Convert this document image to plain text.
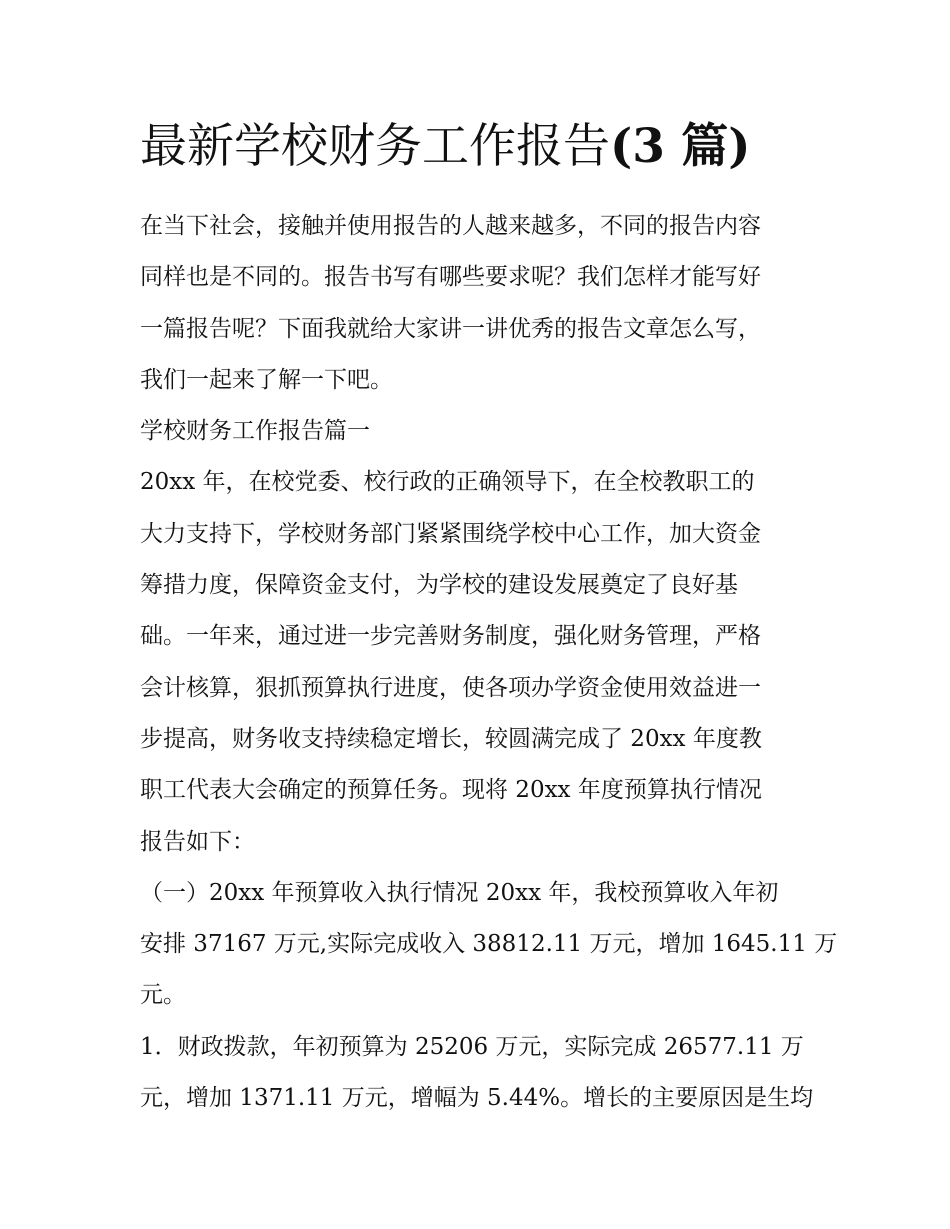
最新学校财务工作报告(3 篇)

在当下社会，接触并使用报告的人越来越多，不同的报告内容

同样也是不同的。报告书写有哪些要求呢？我们怎样才能写好

一篇报告呢？下面我就给大家讲一讲优秀的报告文章怎么写，

我们一起来了解一下吧。

学校财务工作报告篇一

20xx 年，在校党委、校行政的正确领导下，在全校教职工的

大力支持下，学校财务部门紧紧围绕学校中心工作，加大资金

筹措力度，保障资金支付，为学校的建设发展奠定了良好基

础。一年来，通过进一步完善财务制度，强化财务管理，严格

会计核算，狠抓预算执行进度，使各项办学资金使用效益进一

步提高，财务收支持续稳定增长，较圆满完成了 20xx 年度教

职工代表大会确定的预算任务。现将 20xx 年度预算执行情况

报告如下：

（一）20xx 年预算收入执行情况 20xx 年，我校预算收入年初

安排 37167 万元,实际完成收入 38812.11 万元，增加 1645.11 万

元。

1．财政拨款，年初预算为 25206 万元，实际完成 26577.11 万

元，增加 1371.11 万元，增幅为 5.44%。增长的主要原因是生均
